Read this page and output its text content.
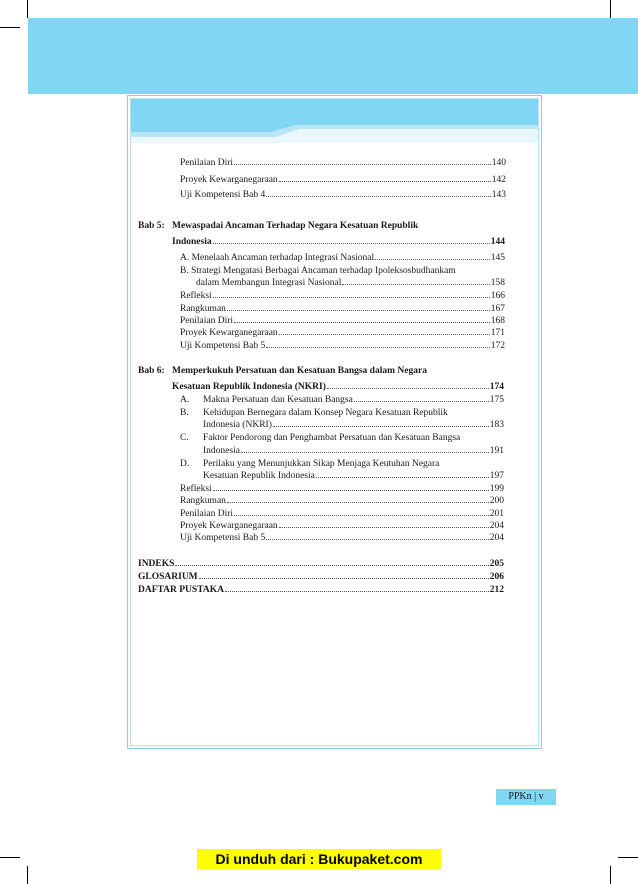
Penilaian Diri	140
Proyek Kewarganegaraan	142
Uji Kompetensi Bab 4	143
Bab 5: Mewaspadai Ancaman Terhadap Negara Kesatuan Republik
Indonesia	144
A. Menelaah Ancaman terhadap Integrasi Nasional	145
B. Strategi Mengatasi Berbagai Ancaman terhadap Ipoleksosbudhankam
dalam Membangun Integrasi Nasional	158
Refleksi	166
Rangkuman	167
Penilaian Diri	168
Proyek Kewarganegaraan	171
Uji Kompetensi Bab 5	172
Bab 6: Memperkukuh Persatuan dan Kesatuan Bangsa dalam Negara
Kesatuan Republik Indonesia (NKRI)	174
A. Makna Persatuan dan Kesatuan Bangsa	175
B. Kehidupan Bernegara dalam Konsep Negara Kesatuan Republik
Indonesia (NKRI)	183
C. Faktor Pendorong dan Penghambat Persatuan dan Kesatuan Bangsa
Indonesia	191
D. Perilaku yang Menunjukkan Sikap Menjaga Keutuhan Negara
Kesatuan Republik Indonesia	197
Refleksi	199
Rangkuman	200
Penilaian Diri	201
Proyek Kewarganegaraan	204
Uji Kompetensi Bab 5	204
INDEKS	205
GLOSARIUM	206
DAFTAR PUSTAKA	212
PPKn | v
Di unduh dari : Bukupaket.com
